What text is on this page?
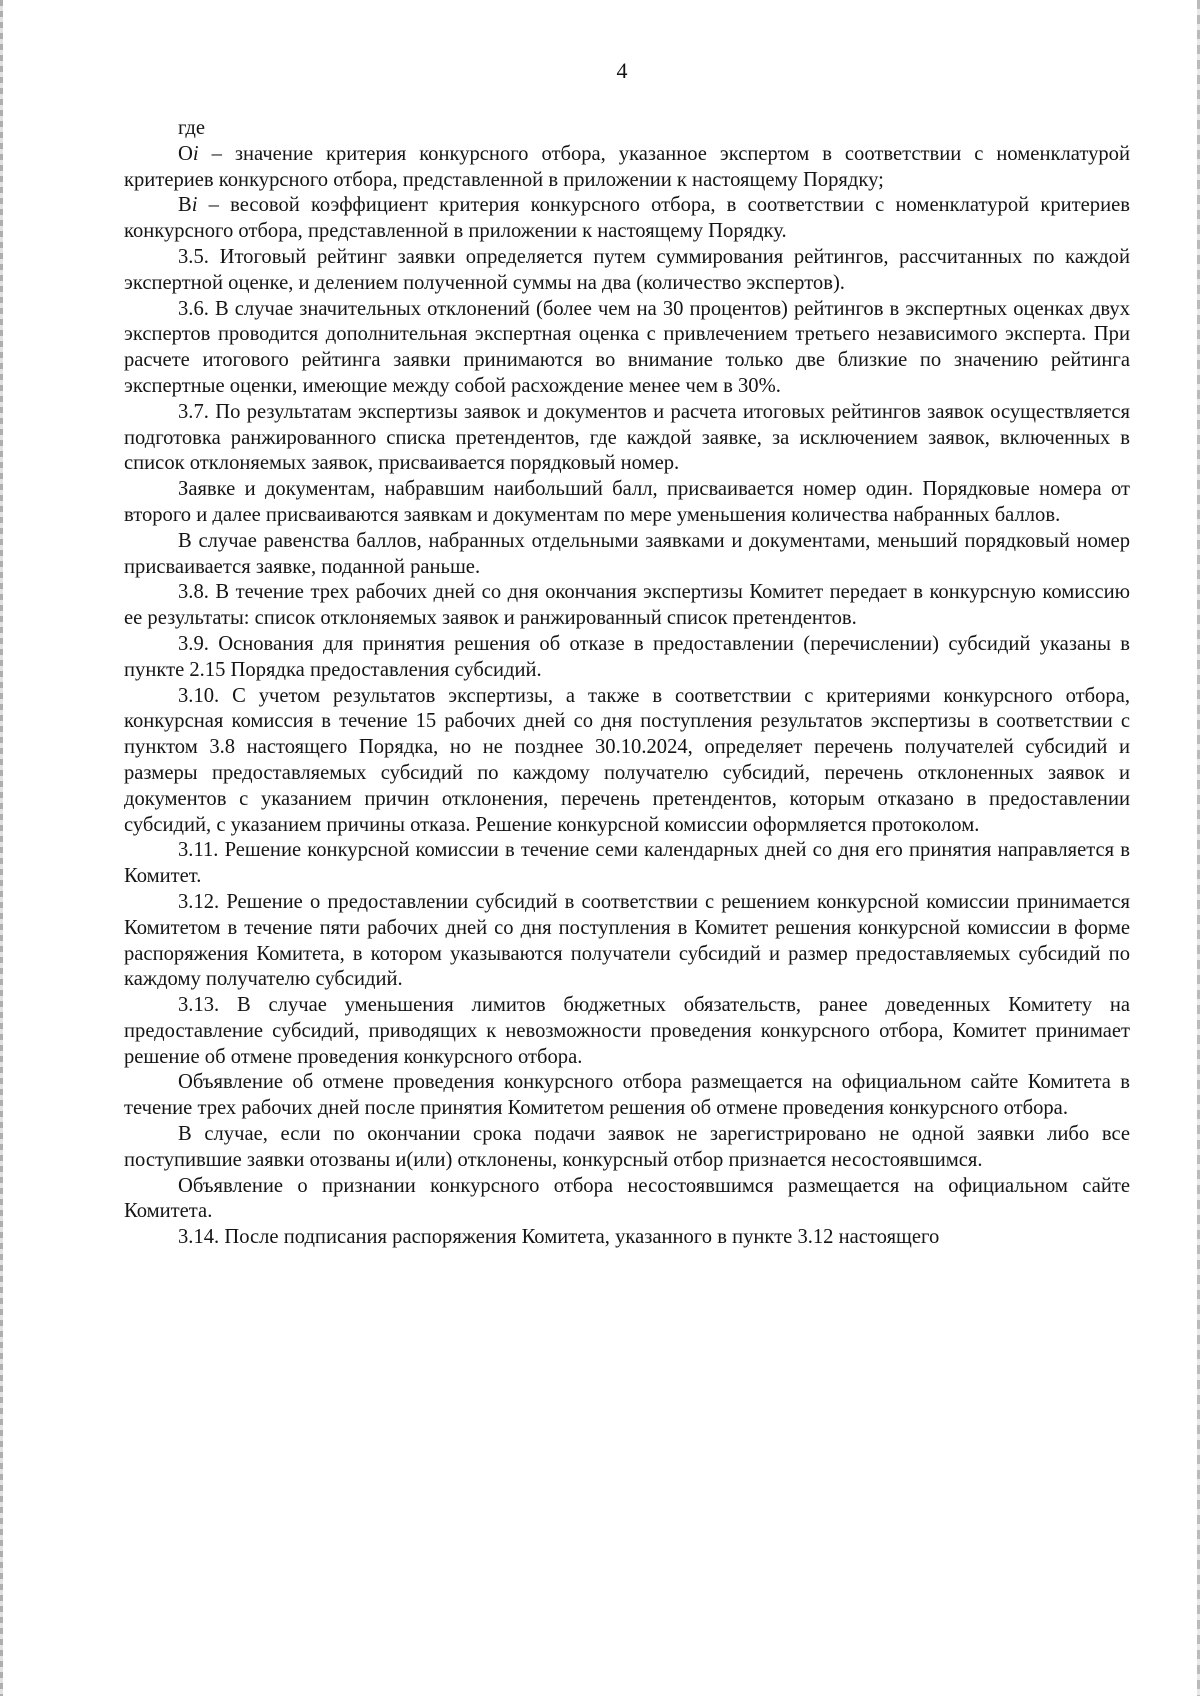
4

где

Оi – значение критерия конкурсного отбора, указанное экспертом в соответствии с номенклатурой критериев конкурсного отбора, представленной в приложении к настоящему Порядку;

Вi – весовой коэффициент критерия конкурсного отбора, в соответствии с номенклатурой критериев конкурсного отбора, представленной в приложении к настоящему Порядку.

3.5. Итоговый рейтинг заявки определяется путем суммирования рейтингов, рассчитанных по каждой экспертной оценке, и делением полученной суммы на два (количество экспертов).

3.6. В случае значительных отклонений (более чем на 30 процентов) рейтингов в экспертных оценках двух экспертов проводится дополнительная экспертная оценка с привлечением третьего независимого эксперта. При расчете итогового рейтинга заявки принимаются во внимание только две близкие по значению рейтинга экспертные оценки, имеющие между собой расхождение менее чем в 30%.

3.7. По результатам экспертизы заявок и документов и расчета итоговых рейтингов заявок осуществляется подготовка ранжированного списка претендентов, где каждой заявке, за исключением заявок, включенных в список отклоняемых заявок, присваивается порядковый номер.

Заявке и документам, набравшим наибольший балл, присваивается номер один. Порядковые номера от второго и далее присваиваются заявкам и документам по мере уменьшения количества набранных баллов.

В случае равенства баллов, набранных отдельными заявками и документами, меньший порядковый номер присваивается заявке, поданной раньше.

3.8. В течение трех рабочих дней со дня окончания экспертизы Комитет передает в конкурсную комиссию ее результаты: список отклоняемых заявок и ранжированный список претендентов.

3.9. Основания для принятия решения об отказе в предоставлении (перечислении) субсидий указаны в пункте 2.15 Порядка предоставления субсидий.

3.10. С учетом результатов экспертизы, а также в соответствии с критериями конкурсного отбора, конкурсная комиссия в течение 15 рабочих дней со дня поступления результатов экспертизы в соответствии с пунктом 3.8 настоящего Порядка, но не позднее 30.10.2024, определяет перечень получателей субсидий и размеры предоставляемых субсидий по каждому получателю субсидий, перечень отклоненных заявок и документов с указанием причин отклонения, перечень претендентов, которым отказано в предоставлении субсидий, с указанием причины отказа. Решение конкурсной комиссии оформляется протоколом.

3.11. Решение конкурсной комиссии в течение семи календарных дней со дня его принятия направляется в Комитет.

3.12. Решение о предоставлении субсидий в соответствии с решением конкурсной комиссии принимается Комитетом в течение пяти рабочих дней со дня поступления в Комитет решения конкурсной комиссии в форме распоряжения Комитета, в котором указываются получатели субсидий и размер предоставляемых субсидий по каждому получателю субсидий.

3.13. В случае уменьшения лимитов бюджетных обязательств, ранее доведенных Комитету на предоставление субсидий, приводящих к невозможности проведения конкурсного отбора, Комитет принимает решение об отмене проведения конкурсного отбора.

Объявление об отмене проведения конкурсного отбора размещается на официальном сайте Комитета в течение трех рабочих дней после принятия Комитетом решения об отмене проведения конкурсного отбора.

В случае, если по окончании срока подачи заявок не зарегистрировано не одной заявки либо все поступившие заявки отозваны и(или) отклонены, конкурсный отбор признается несостоявшимся.

Объявление о признании конкурсного отбора несостоявшимся размещается на официальном сайте Комитета.

3.14. После подписания распоряжения Комитета, указанного в пункте 3.12 настоящего
